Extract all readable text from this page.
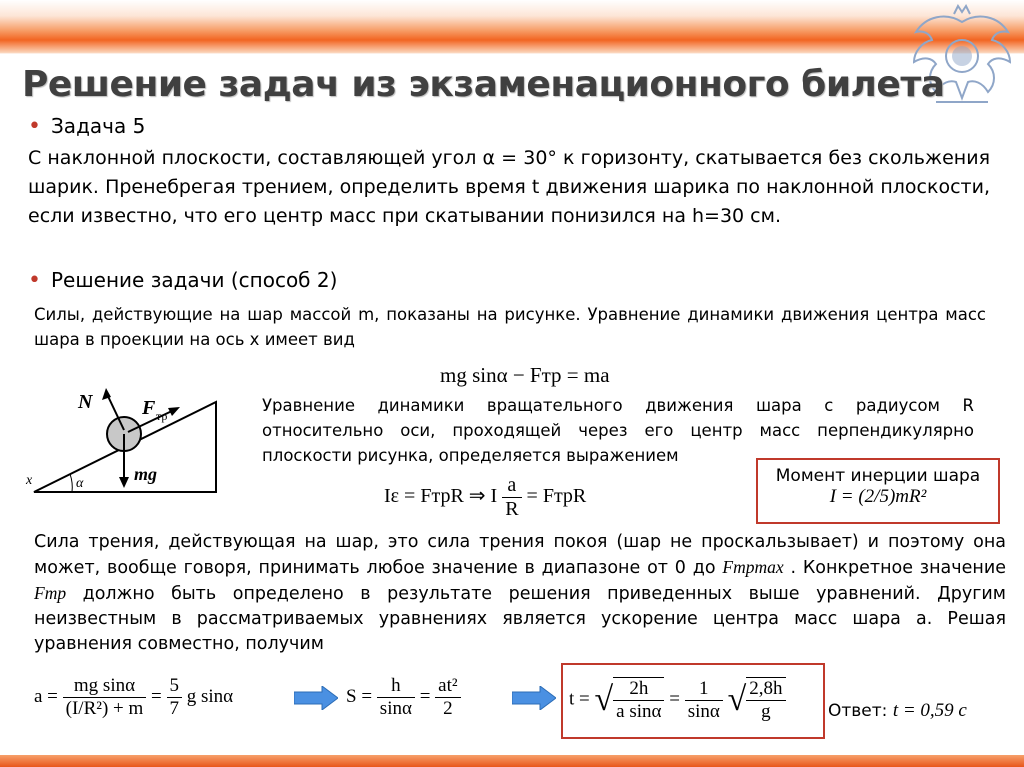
Решение задач из экзаменационного билета
• Задача 5
С наклонной плоскости, составляющей угол α = 30° к горизонту, скатывается без скольжения шарик. Пренебрегая трением, определить время t движения шарика по наклонной плоскости, если известно, что его центр масс при скатывании понизился на h=30 см.
• Решение задачи (способ 2)
Силы, действующие на шар массой m, показаны на рисунке. Уравнение динамики движения центра масс шара в проекции на ось x имеет вид
mg sinα − Fтр = ma
α
x
N F тр
mg
Уравнение динамики вращательного движения шара с радиусом R относительно оси, проходящей через его центр масс перпендикулярно плоскости рисунка, определяется выражением
Iε = FтрR ⇒ I $\frac{a}{R}$ = FтрR
Момент инерции шара
I = (2/5)mR²
Сила трения, действующая на шар, это сила трения покоя (шар не проскальзывает) и поэтому она может, вообще говоря, принимать любое значение в диапазоне от 0 до Fтрmax . Конкретное значение Fтр должно быть определено в результате решения приведенных выше уравнений. Другим неизвестным в рассматриваемых уравнениях является ускорение центра масс шара a. Решая уравнения совместно, получим
$a = \frac{\text{mg sinα}}{\text{(I/R²) + m}} = \frac{5}{7}$ g sinα	$S = \frac{h}{\sin\alpha} = \frac{\text{at²}}{2}$	t = √ $\frac{2h}{\text{a sinα}} = \frac{1}{\sin\alpha}$ √ $\frac{2,8h}{g}$ Ответ: t = 0,59 с
